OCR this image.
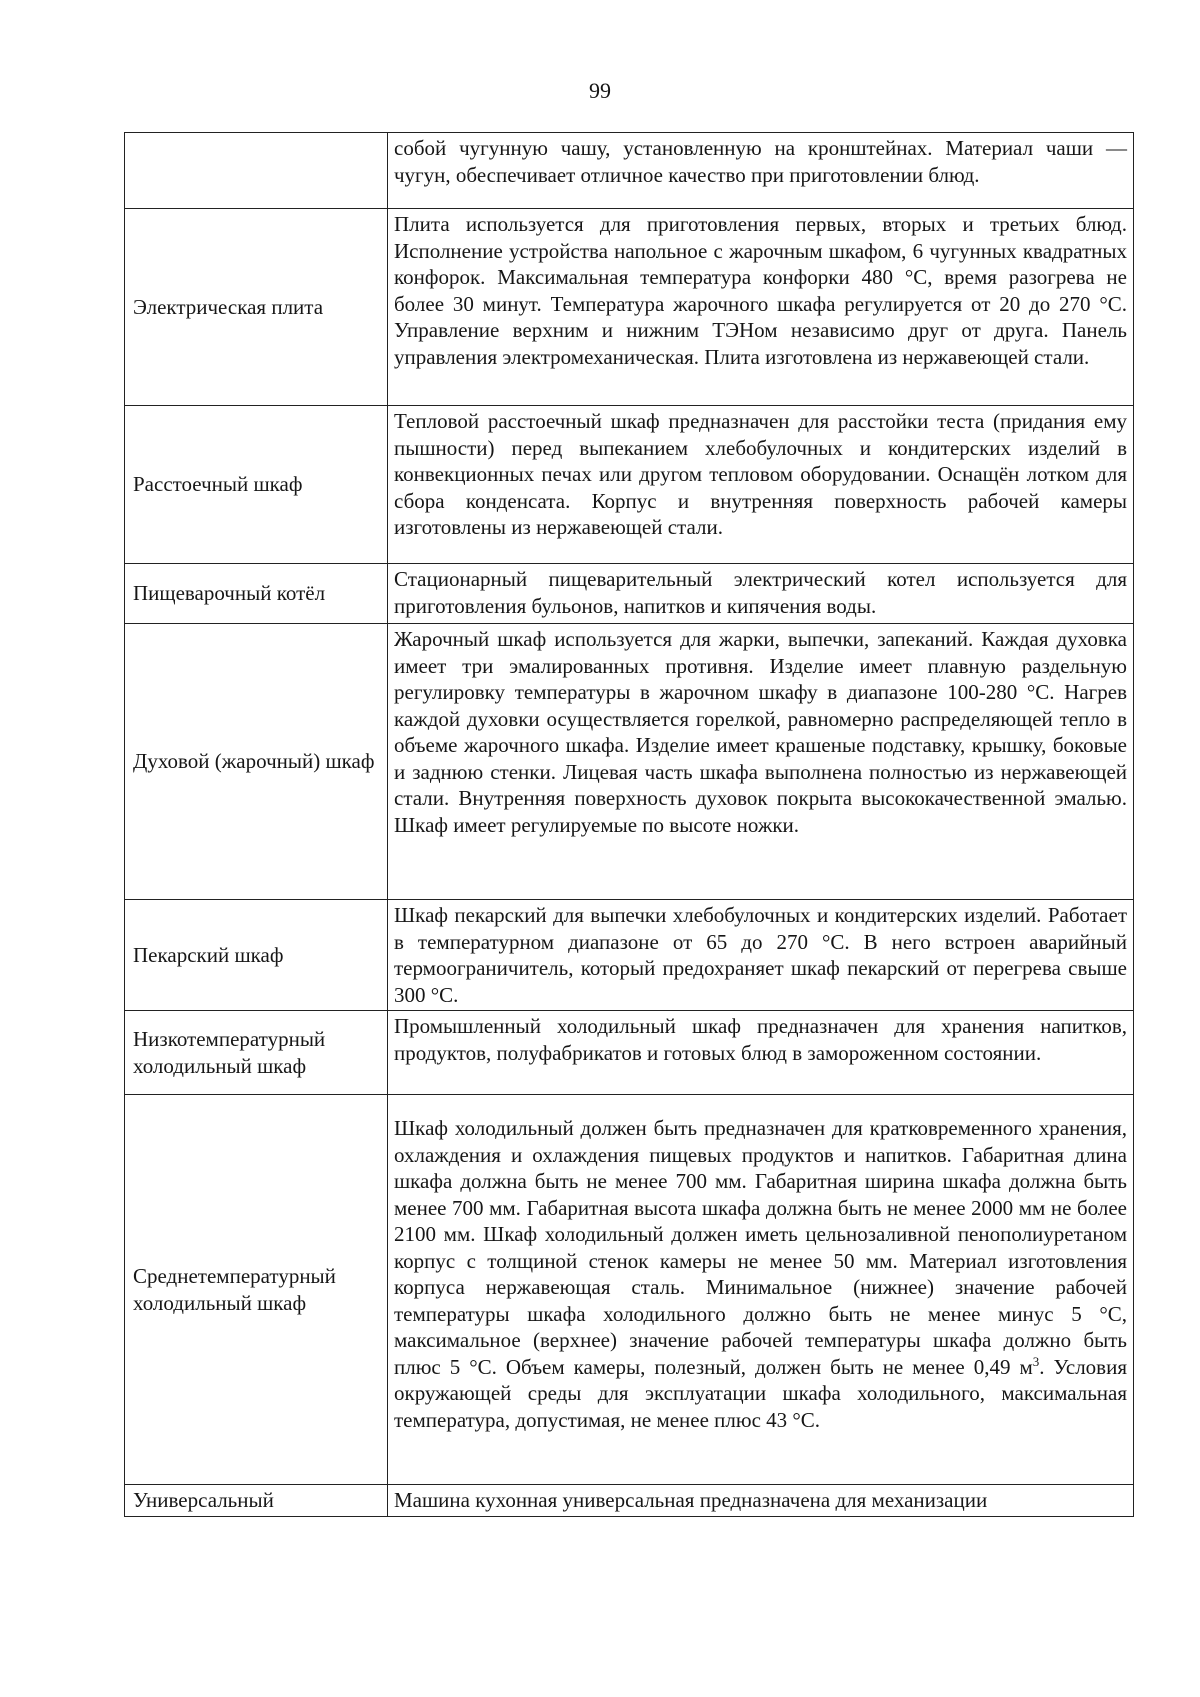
99
	собой чугунную чашу, установленную на кронштейнах. Материал чаши — чугун, обеспечивает отличное качество при приготовлении блюд.
Электрическая плита	Плита используется для приготовления первых, вторых и третьих блюд. Исполнение устройства напольное с жарочным шкафом, 6 чугунных квадратных конфорок. Максимальная температура конфорки 480 °С, время разогрева не более 30 минут. Температура жарочного шкафа регулируется от 20 до 270 °С. Управление верхним и нижним ТЭНом независимо друг от друга. Панель управления электромеханическая. Плита изготовлена из нержавеющей стали.
Расстоечный шкаф	Тепловой расстоечный шкаф предназначен для расстойки теста (придания ему пышности) перед выпеканием хлебобулочных и кондитерских изделий в конвекционных печах или другом тепловом оборудовании. Оснащён лотком для сбора конденсата. Корпус и внутренняя поверхность рабочей камеры изготовлены из нержавеющей стали.
Пищеварочный котёл	Стационарный пищеварительный электрический котел используется для приготовления бульонов, напитков и кипячения воды.
Духовой (жарочный) шкаф	Жарочный шкаф используется для жарки, выпечки, запеканий. Каждая духовка имеет три эмалированных противня. Изделие имеет плавную раздельную регулировку температуры в жарочном шкафу в диапазоне 100-280 °С. Нагрев каждой духовки осуществляется горелкой, равномерно распределяющей тепло в объеме жарочного шкафа. Изделие имеет крашеные подставку, крышку, боковые и заднюю стенки. Лицевая часть шкафа выполнена полностью из нержавеющей стали. Внутренняя поверхность духовок покрыта высококачественной эмалью. Шкаф имеет регулируемые по высоте ножки.
Пекарский шкаф	Шкаф пекарский для выпечки хлебобулочных и кондитерских изделий. Работает в температурном диапазоне от 65 до 270 °С. В него встроен аварийный термоограничитель, который предохраняет шкаф пекарский от перегрева свыше 300 °С.
Низкотемпературный холодильный шкаф	Промышленный холодильный шкаф предназначен для хранения напитков, продуктов, полуфабрикатов и готовых блюд в замороженном состоянии.
Среднетемпературный холодильный шкаф	Шкаф холодильный должен быть предназначен для кратковременного хранения, охлаждения и охлаждения пищевых продуктов и напитков. Габаритная длина шкафа должна быть не менее 700 мм. Габаритная ширина шкафа должна быть менее 700 мм. Габаритная высота шкафа должна быть не менее 2000 мм не более 2100 мм. Шкаф холодильный должен иметь цельнозаливной пенополиуретаном корпус с толщиной стенок камеры не менее 50 мм. Материал изготовления корпуса нержавеющая сталь. Минимальное (нижнее) значение рабочей температуры шкафа холодильного должно быть не менее минус 5 °С, максимальное (верхнее) значение рабочей температуры шкафа должно быть плюс 5 °С. Объем камеры, полезный, должен быть не менее 0,49 $м^3$. Условия окружающей среды для эксплуатации шкафа холодильного, максимальная температура, допустимая, не менее плюс 43 °С.
Универсальный	Машина кухонная универсальная предназначена для механизации
